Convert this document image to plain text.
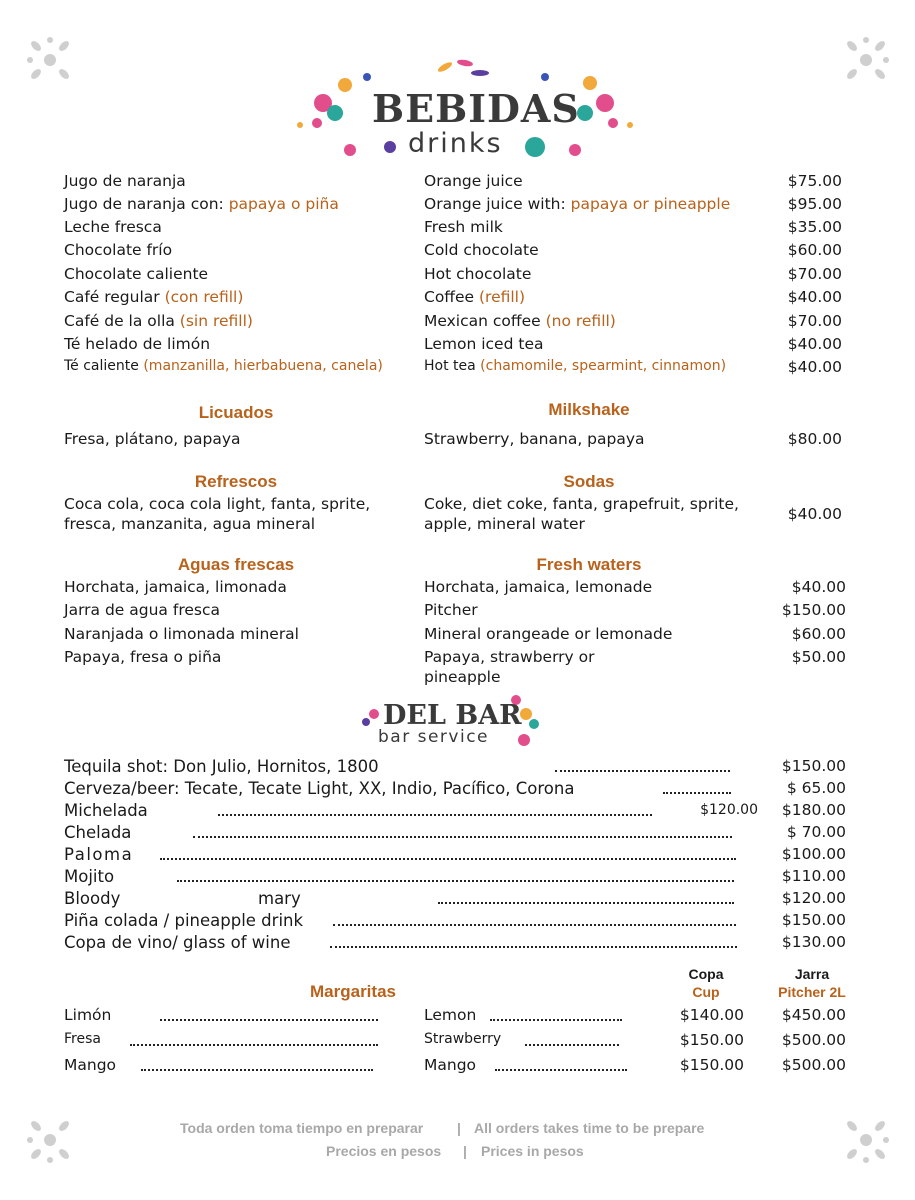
BEBIDAS
drinks
Jugo de naranja	Orange juice	$75.00
Jugo de naranja con: papaya o piña	Orange juice with: papaya or pineapple	$95.00
Leche fresca	Fresh milk	$35.00
Chocolate frío	Cold chocolate	$60.00
Chocolate caliente	Hot chocolate	$70.00
Café regular (con refill)	Coffee (refill)	$40.00
Café de la olla (sin refill)	Mexican coffee (no refill)	$70.00
Té helado de limón	Lemon iced tea	$40.00
Té caliente (manzanilla, hierbabuena, canela)	Hot tea (chamomile, spearmint, cinnamon)	$40.00
Licuados	Milkshake
Fresa, plátano, papaya	Strawberry, banana, papaya	$80.00
Refrescos	Sodas
Coca cola, coca cola light, fanta, sprite,
fresca, manzanita, agua mineral
Coke, diet coke, fanta, grapefruit, sprite,
apple, mineral water
$40.00
Aguas frescas	Fresh waters
Horchata, jamaica, limonada	Horchata, jamaica, lemonade	$40.00
Jarra de agua fresca	Pitcher	$150.00
Naranjada o limonada mineral	Mineral orangeade or lemonade	$60.00
Papaya, fresa o piña	Papaya, strawberry or
pineapple
$50.00
DEL BAR
bar service
Tequila shot: Don Julio, Hornitos, 1800	$150.00
Cerveza/beer: Tecate, Tecate Light, XX, Indio, Pacífico, Corona	$ 65.00
Michelada	$120.00	$180.00
Chelada	$ 70.00
Paloma	$100.00
Mojito	$110.00
Bloody	mary	$120.00
Piña colada / pineapple drink	$150.00
Copa de vino/ glass of wine	$130.00
Margaritas
Copa
Cup
Jarra
Pitcher 2L
Limón	Lemon	$140.00	$450.00
Fresa	Strawberry	$150.00	$500.00
Mango	Mango	$150.00	$500.00
Toda orden toma tiempo en preparar | All orders takes time to be prepare
Precios en pesos | Prices in pesos
